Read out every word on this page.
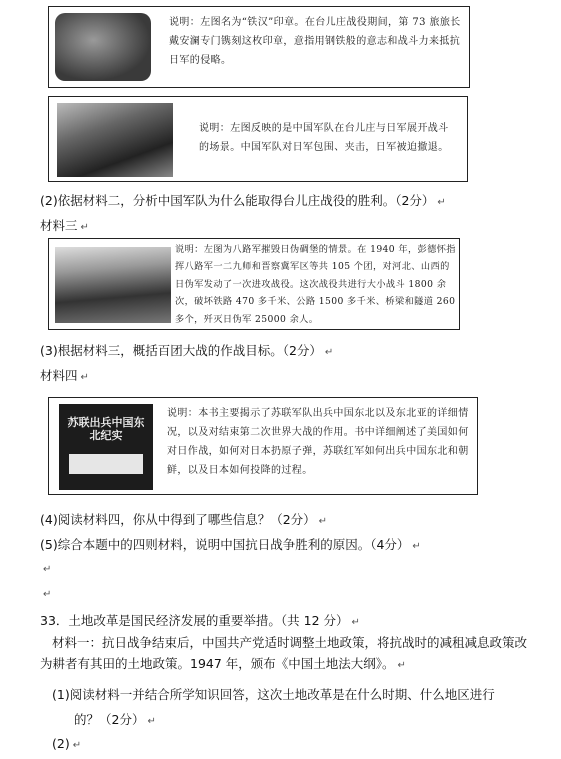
说明：左图名为“铁汉”印章。在台儿庄战役期间，第 73 旅旅长戴安澜专门镌刻这枚印章，意指用钢铁般的意志和战斗力来抵抗日军的侵略。
说明：左图反映的是中国军队在台儿庄与日军展开战斗的场景。中国军队对日军包围、夹击，日军被迫撤退。
(2)依据材料二，分析中国军队为什么能取得台儿庄战役的胜利。（2分） ↵
材料三 ↵
说明：左图为八路军摧毁日伪碉堡的情景。在 1940 年，彭德怀指挥八路军一二九师和晋察冀军区等共 105 个团，对河北、山西的日伪军发动了一次进攻战役。这次战役共进行大小战斗 1800 余次，破坏铁路 470 多千米、公路 1500 多千米、桥梁和隧道 260 多个，歼灭日伪军 25000 余人。
(3)根据材料三，概括百团大战的作战目标。（2分） ↵
材料四 ↵
苏联出兵中国东北纪实
说明：本书主要揭示了苏联军队出兵中国东北以及东北亚的详细情况，以及对结束第二次世界大战的作用。书中详细阐述了美国如何对日作战，如何对日本扔原子弹，苏联红军如何出兵中国东北和朝鲜，以及日本如何投降的过程。
(4)阅读材料四，你从中得到了哪些信息？（2分） ↵
(5)综合本题中的四则材料，说明中国抗日战争胜利的原因。（4分） ↵
↵
↵
33．土地改革是国民经济发展的重要举措。（共 12 分） ↵
材料一：抗日战争结束后，中国共产党适时调整土地政策，将抗战时的减租减息政策改为耕者有其田的土地政策。1947 年，颁布《中国土地法大纲》。 ↵
(1)阅读材料一并结合所学知识回答，这次土地改革是在什么时期、什么地区进行
的？（2分） ↵
(2) ↵
